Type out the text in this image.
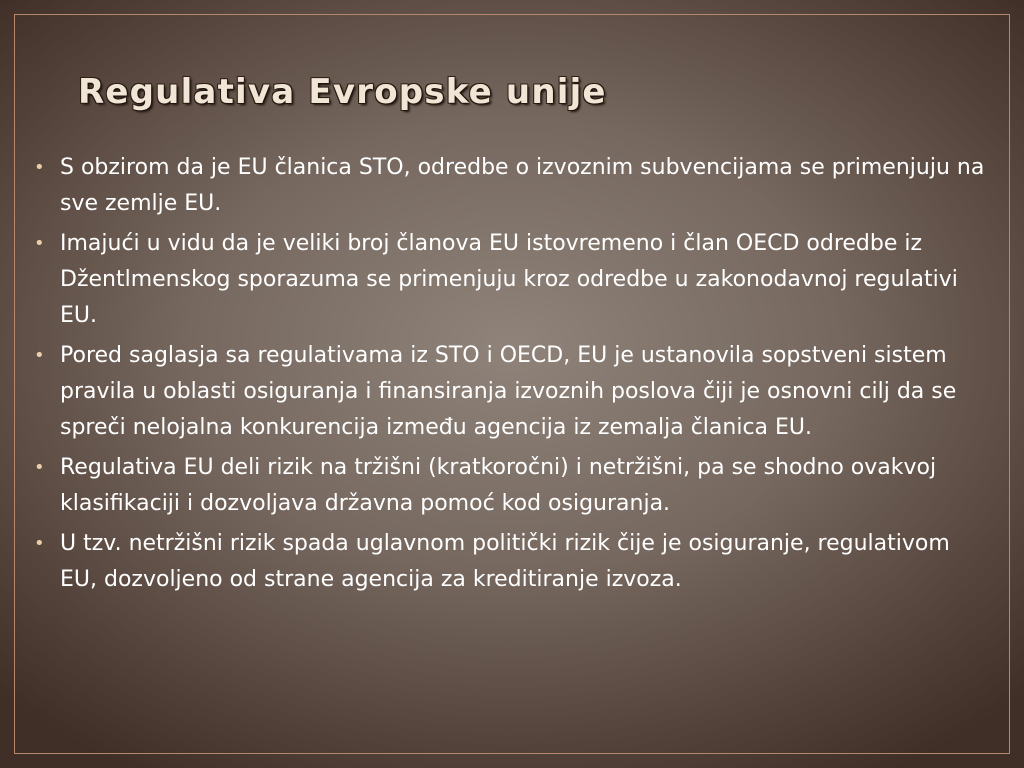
Regulativa Evropske unije
• S obzirom da je EU članica STO, odredbe o izvoznim subvencijama se primenjuju na sve zemlje EU.
• Imajući u vidu da je veliki broj članova EU istovremeno i član OECD odredbe iz Džentlmenskog sporazuma se primenjuju kroz odredbe u zakonodavnoj regulativi EU.
• Pored saglasja sa regulativama iz STO i OECD, EU je ustanovila sopstveni sistem pravila u oblasti osiguranja i finansiranja izvoznih poslova čiji je osnovni cilj da se spreči nelojalna konkurencija između agencija iz zemalja članica EU.
• Regulativa EU deli rizik na tržišni (kratkoročni) i netržišni, pa se shodno ovakvoj klasifikaciji i dozvoljava državna pomoć kod osiguranja.
• U tzv. netržišni rizik spada uglavnom politički rizik čije je osiguranje, regulativom EU, dozvoljeno od strane agencija za kreditiranje izvoza.
